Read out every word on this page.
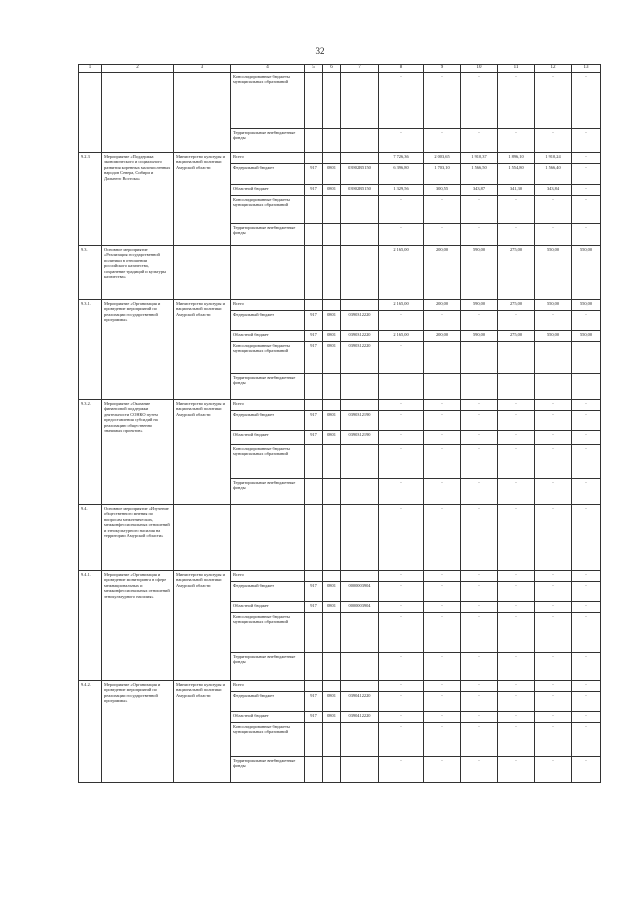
32
1	2	3	4	5	6	7	8	9	10	11	12	13
			Консолидированные бюджеты муниципальных образований				-	-	-	-	-	-
			Территориальные внебюджетные фонды				-	-	-	-	-	-
9.2.3	Мероприятие «Поддержка экономического и социального развития коренных малочисленных народов Севера, Сибири и Дальнего Востока»	Министерство культуры и национальной политики Амурской области	Всего				7 726,36	2 003,65	1 910,37	1 896,10	1 910,24	-
			Федеральный бюджет	917	0801	03902R5150	6 396,80	1 703,10	1 566,50	1 554,80	1 566,40	-
			Областной бюджет	917	0801	03902R5150	1 329,56	300,55	343,87	341,30	343,84	-
			Консолидированные бюджеты муниципальных образований				-	-	-	-	-	-
			Территориальные внебюджетные фонды				-	-	-	-	-	-
9.3.	Основное мероприятие «Реализация государственной политики в отношении российского казачества, сохранение традиций и культуры казачества»						2 165,00	200,00	590,00	275,00	550,00	550,00
9.3.1.	Мероприятие «Организация и проведение мероприятий по реализации государственной программы»	Министерство культуры и национальной политики Амурской области	Всего				2 165,00	200,00	590,00	275,00	550,00	550,00
			Федеральный бюджет	917	0801	0390312220	-	-	-	-	-	-
			Областной бюджет	917	0801	0390312220	2 165,00	200,00	590,00	275,00	550,00	550,00
			Консолидированные бюджеты муниципальных образований	917	0801	0390312220	-					
			Территориальные внебюджетные фонды									
9.3.2.	Мероприятие «Оказание финансовой поддержки деятельности СОНКО путем предоставления субсидий на реализацию общественно значимых проектов»	Министерство культуры и национальной политики Амурской области	Всего				-	-	-	-	-	-
			Федеральный бюджет	917	0801	0390312190	-	-	-	-	-	-
			Областной бюджет	917	0801	0390312190	-	-	-	-	-	-
			Консолидированные бюджеты муниципальных образований				-	-	-	-	-	-
			Территориальные внебюджетные фонды				-	-	-	-	-	-
9.4.	Основное мероприятие «Изучение общественного мнения по вопросам межэтнических, межконфессиональных отношений и этнокультурного насилия на территории Амурской области»						-	-	-	-	-	-
9.4.1.	Мероприятие «Организация и проведение мониторинга в сфере межнациональных и межконфессиональных отношений этнокультурного насилия»	Министерство культуры и национальной политики Амурской области	Всего				-	-	-	-	-	-
			Федеральный бюджет	917	0801	0000003904	-	-	-	-	-	-
			Областной бюджет	917	0801	0000003904	-	-	-	-	-	-
			Консолидированные бюджеты муниципальных образований				-	-	-	-	-	-
			Территориальные внебюджетные фонды				-	-	-	-	-	-
9.4.2.	Мероприятие «Организация и проведение мероприятий по реализации государственной программы»	Министерство культуры и национальной политики Амурской области	Всего				-	-	-	-	-	-
			Федеральный бюджет	917	0801	0390412220	-	-	-	-	-	-
			Областной бюджет	917	0801	0390412220	-	-	-	-	-	-
			Консолидированные бюджеты муниципальных образований				-	-	-	-	-	-
			Территориальные внебюджетные фонды				-	-	-	-	-	-
